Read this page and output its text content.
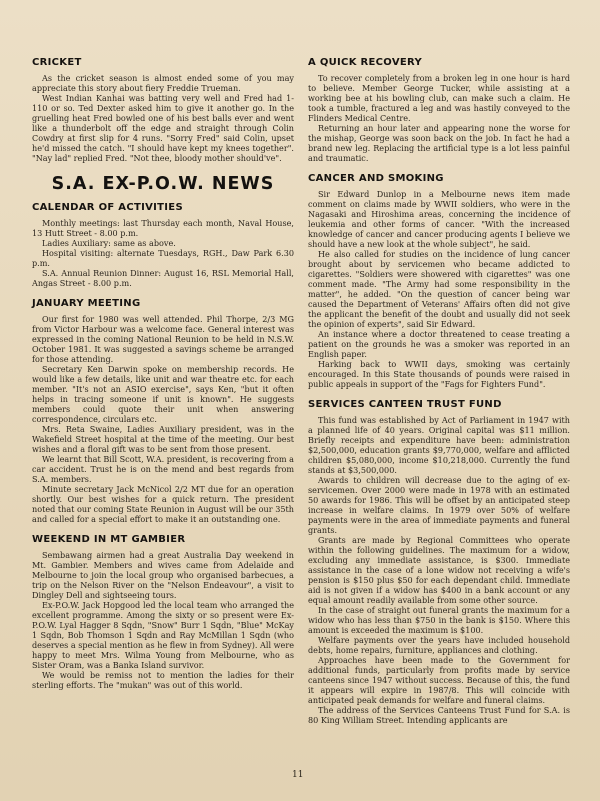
CRICKET

As the cricket season is almost ended some of you may appreciate this story about fiery Freddie Trueman.

West Indian Kanhai was batting very well and Fred had 1-110 or so. Ted Dexter asked him to give it another go. In the gruelling heat Fred bowled one of his best balls ever and went like a thunderbolt off the edge and straight through Colin Cowdry at first slip for 4 runs. "Sorry Fred" said Colin, upset he'd missed the catch. "I should have kept my knees together". "Nay lad" replied Fred. "Not thee, bloody mother should've".

S.A. EX-P.O.W. NEWS
CALENDAR OF ACTIVITIES

Monthly meetings: last Thursday each month, Naval House, 13 Hutt Street - 8.00 p.m.

Ladies Auxiliary: same as above.

Hospital visiting: alternate Tuesdays, RGH., Daw Park 6.30 p.m.

S.A. Annual Reunion Dinner: August 16, RSL Memorial Hall, Angas Street - 8.00 p.m.

JANUARY MEETING

Our first for 1980 was well attended. Phil Thorpe, 2/3 MG from Victor Harbour was a welcome face. General interest was expressed in the coming National Reunion to be held in N.S.W. October 1981. It was suggested a savings scheme be arranged for those attending.

Secretary Ken Darwin spoke on membership records. He would like a few details, like unit and war theatre etc. for each member. "It's not an ASIO exercise", says Ken, "but it often helps in tracing someone if unit is known". He suggests members could quote their unit when answering correspondence, circulars etc.

Mrs. Reta Swaine, Ladies Auxiliary president, was in the Wakefield Street hospital at the time of the meeting. Our best wishes and a floral gift was to be sent from those present.

We learnt that Bill Scott, W.A. president, is recovering from a car accident. Trust he is on the mend and best regards from S.A. members.

Minute secretary Jack McNicol 2/2 MT due for an operation shortly. Our best wishes for a quick return. The president noted that our coming State Reunion in August will be our 35th and called for a special effort to make it an outstanding one.

WEEKEND IN MT GAMBIER

Sembawang airmen had a great Australia Day weekend in Mt. Gambier. Members and wives came from Adelaide and Melbourne to join the local group who organised barbecues, a trip on the Nelson River on the "Nelson Endeavour", a visit to Dingley Dell and sightseeing tours.

Ex-P.O.W. Jack Hopgood led the local team who arranged the excellent programme. Among the sixty or so present were Ex-P.O.W. Lyal Hagger 8 Sqdn, "Snow" Burr 1 Sqdn, "Blue" McKay 1 Sqdn, Bob Thomson 1 Sqdn and Ray McMillan 1 Sqdn (who deserves a special mention as he flew in from Sydney). All were happy to meet Mrs. Wilma Young from Melbourne, who as Sister Oram, was a Banka Island survivor.

We would be remiss not to mention the ladies for their sterling efforts. The "mukan" was out of this world.

A QUICK RECOVERY

To recover completely from a broken leg in one hour is hard to believe. Member George Tucker, while assisting at a working bee at his bowling club, can make such a claim. He took a tumble, fractured a leg and was hastily conveyed to the Flinders Medical Centre.

Returning an hour later and appearing none the worse for the mishap, George was soon back on the job. In fact he had a brand new leg. Replacing the artificial type is a lot less painful and traumatic.

CANCER AND SMOKING

Sir Edward Dunlop in a Melbourne news item made comment on claims made by WWII soldiers, who were in the Nagasaki and Hiroshima areas, concerning the incidence of leukemia and other forms of cancer. "With the increased knowledge of cancer and cancer producing agents I believe we should have a new look at the whole subject", he said.

He also called for studies on the incidence of lung cancer brought about by servicemen who became addicted to cigarettes. "Soldiers were showered with cigarettes" was one comment made. "The Army had some responsibility in the matter", he added. "On the question of cancer being war caused the Department of Veterans' Affairs often did not give the applicant the benefit of the doubt and usually did not seek the opinion of experts", said Sir Edward.

An instance where a doctor threatened to cease treating a patient on the grounds he was a smoker was reported in an English paper.

Harking back to WWII days, smoking was certainly encouraged. In this State thousands of pounds were raised in public appeals in support of the "Fags for Fighters Fund".

SERVICES CANTEEN TRUST FUND

This fund was established by Act of Parliament in 1947 with a planned life of 40 years. Original capital was $11 million. Briefly receipts and expenditure have been: administration $2,500,000, education grants $9,770,000, welfare and afflicted children $5,080,000, income $10,218,000. Currently the fund stands at $3,500,000.

Awards to children will decrease due to the aging of ex-servicemen. Over 2000 were made in 1978 with an estimated 50 awards for 1986. This will be offset by an anticipated steep increase in welfare claims. In 1979 over 50% of welfare payments were in the area of immediate payments and funeral grants.

Grants are made by Regional Committees who operate within the following guidelines. The maximum for a widow, excluding any immediate assistance, is $300. Immediate assistance in the case of a lone widow not receiving a wife's pension is $150 plus $50 for each dependant child. Immediate aid is not given if a widow has $400 in a bank account or any equal amount readily available from some other source.

In the case of straight out funeral grants the maximum for a widow who has less than $750 in the bank is $150. Where this amount is exceeded the maximum is $100.

Welfare payments over the years have included household debts, home repairs, furniture, appliances and clothing.

Approaches have been made to the Government for additional funds, particularly from profits made by service canteens since 1947 without success. Because of this, the fund it appears will expire in 1987/8. This will coincide with anticipated peak demands for welfare and funeral claims.

The address of the Services Canteens Trust Fund for S.A. is 80 King William Street. Intending applicants are

11
